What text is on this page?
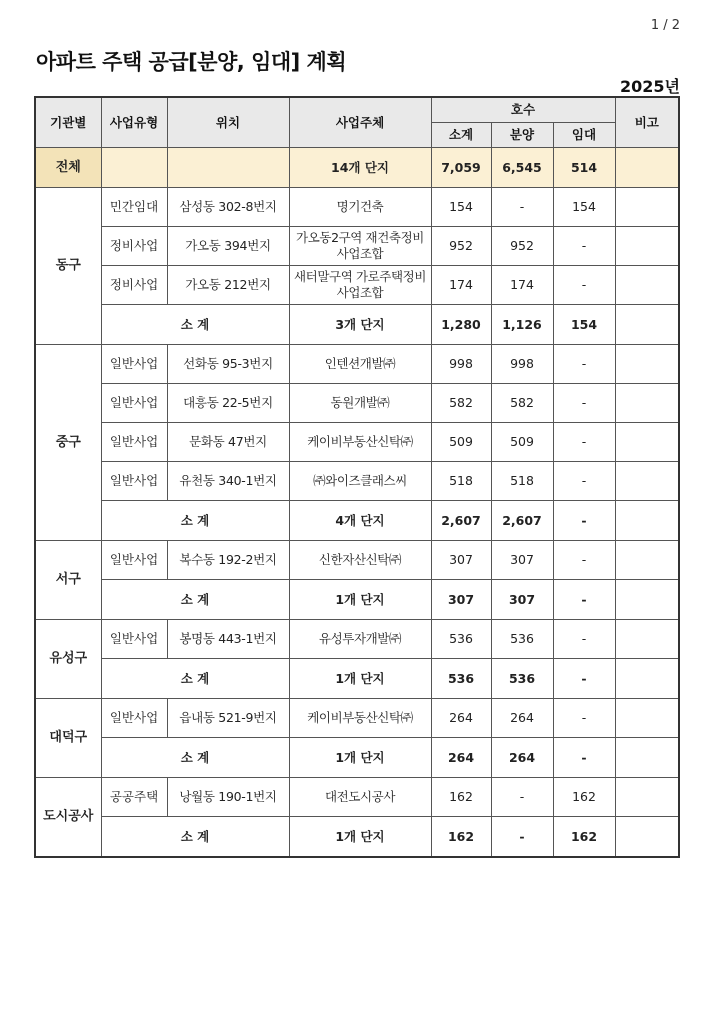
1 / 2
아파트 주택 공급[분양, 임대] 계획
2025년
기관별	사업유형	위치	사업주체	호수			비고
				소계	분양	임대	
전체			14개 단지	7,059	6,545	514	
동구	민간임대	삼성동 302-8번지	명기건축	154	-	154	
	정비사업	가오동 394번지	가오동2구역 재건축정비사업조합	952	952	-	
	정비사업	가오동 212번지	새터말구역 가로주택정비사업조합	174	174	-	
	소 계		3개 단지	1,280	1,126	154	
중구	일반사업	선화동 95-3번지	인텐션개발㈜	998	998	-	
	일반사업	대흥동 22-5번지	동원개발㈜	582	582	-	
	일반사업	문화동 47번지	케이비부동산신탁㈜	509	509	-	
	일반사업	유천동 340-1번지	㈜와이즈클래스씨	518	518	-	
	소 계		4개 단지	2,607	2,607	-	
서구	일반사업	복수동 192-2번지	신한자산신탁㈜	307	307	-	
	소 계		1개 단지	307	307	-	
유성구	일반사업	봉명동 443-1번지	유성투자개발㈜	536	536	-	
	소 계		1개 단지	536	536	-	
대덕구	일반사업	읍내동 521-9번지	케이비부동산신탁㈜	264	264	-	
	소 계		1개 단지	264	264	-	
도시공사	공공주택	낭월동 190-1번지	대전도시공사	162	-	162	
	소 계		1개 단지	162	-	162	
